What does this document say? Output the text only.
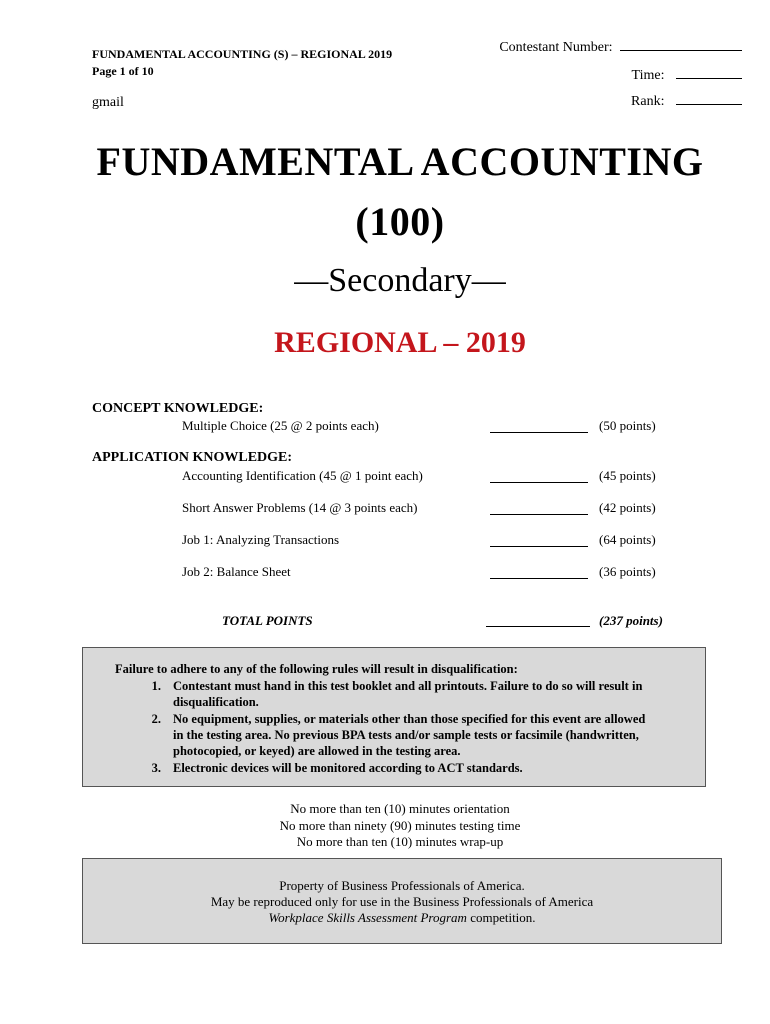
FUNDAMENTAL ACCOUNTING (S) – REGIONAL 2019
Page 1 of 10
gmail
Contestant Number:
Time:
Rank:
FUNDAMENTAL ACCOUNTING
(100)
—Secondary—
REGIONAL – 2019
CONCEPT KNOWLEDGE:
Multiple Choice (25 @ 2 points each)	(50 points)
APPLICATION KNOWLEDGE:
Accounting Identification (45 @ 1 point each)	(45 points)
Short Answer Problems (14 @ 3 points each)	(42 points)
Job 1: Analyzing Transactions	(64 points)
Job 2: Balance Sheet	(36 points)
TOTAL POINTS	(237 points)
Failure to adhere to any of the following rules will result in disqualification:
1. Contestant must hand in this test booklet and all printouts. Failure to do so will result in
disqualification.
2. No equipment, supplies, or materials other than those specified for this event are allowed
in the testing area. No previous BPA tests and/or sample tests or facsimile (handwritten,
photocopied, or keyed) are allowed in the testing area.
3. Electronic devices will be monitored according to ACT standards.
No more than ten (10) minutes orientation
No more than ninety (90) minutes testing time
No more than ten (10) minutes wrap-up
Property of Business Professionals of America.
May be reproduced only for use in the Business Professionals of America
Workplace Skills Assessment Program competition.
